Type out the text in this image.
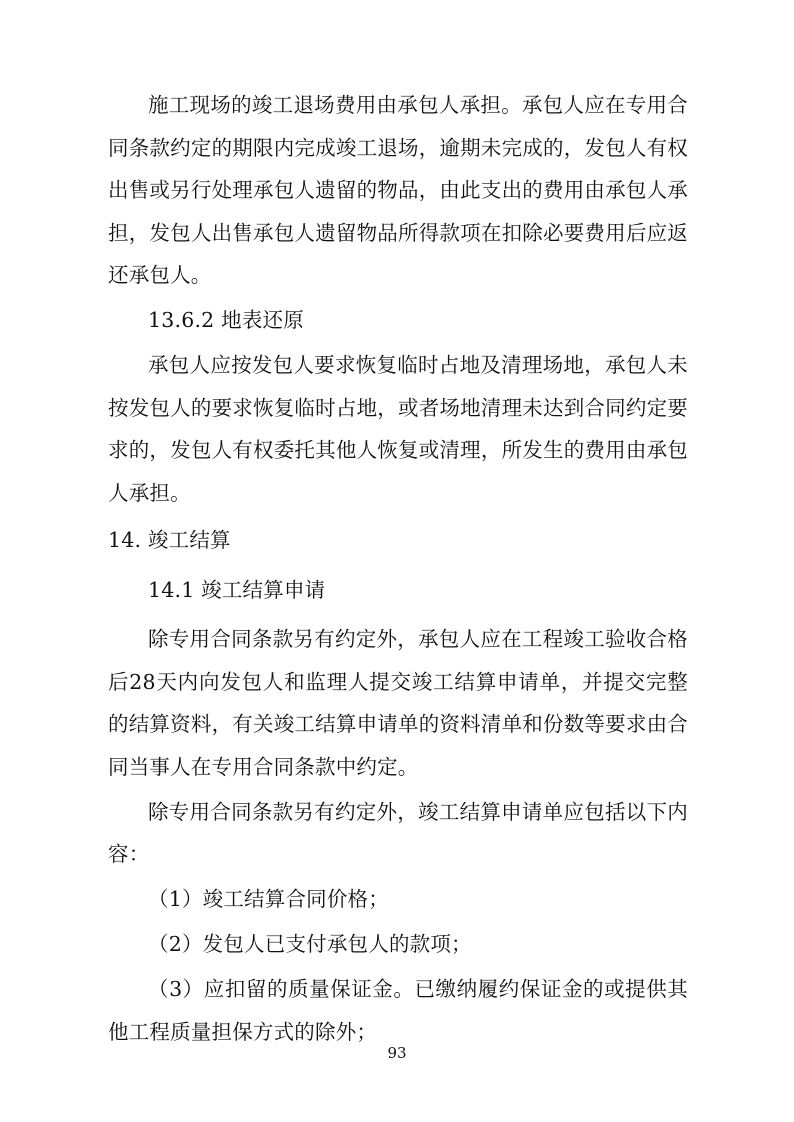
施工现场的竣工退场费用由承包人承担。承包人应在专用合同条款约定的期限内完成竣工退场，逾期未完成的，发包人有权出售或另行处理承包人遗留的物品，由此支出的费用由承包人承担，发包人出售承包人遗留物品所得款项在扣除必要费用后应返还承包人。

13.6.2 地表还原

承包人应按发包人要求恢复临时占地及清理场地，承包人未按发包人的要求恢复临时占地，或者场地清理未达到合同约定要求的，发包人有权委托其他人恢复或清理，所发生的费用由承包人承担。

14. 竣工结算

14.1 竣工结算申请

除专用合同条款另有约定外，承包人应在工程竣工验收合格后28天内向发包人和监理人提交竣工结算申请单，并提交完整的结算资料，有关竣工结算申请单的资料清单和份数等要求由合同当事人在专用合同条款中约定。

除专用合同条款另有约定外，竣工结算申请单应包括以下内容：

（1）竣工结算合同价格；

（2）发包人已支付承包人的款项；

（3）应扣留的质量保证金。已缴纳履约保证金的或提供其他工程质量担保方式的除外；

93
